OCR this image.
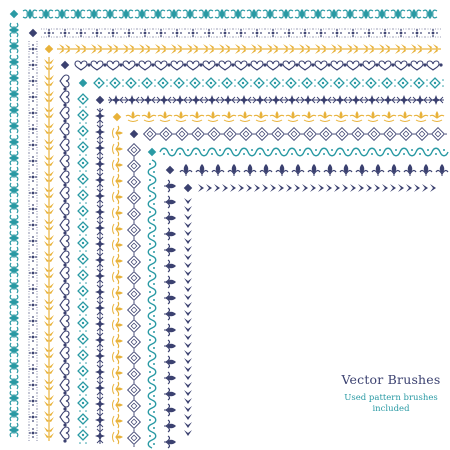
Vector Brushes
Used pattern brushes
included
